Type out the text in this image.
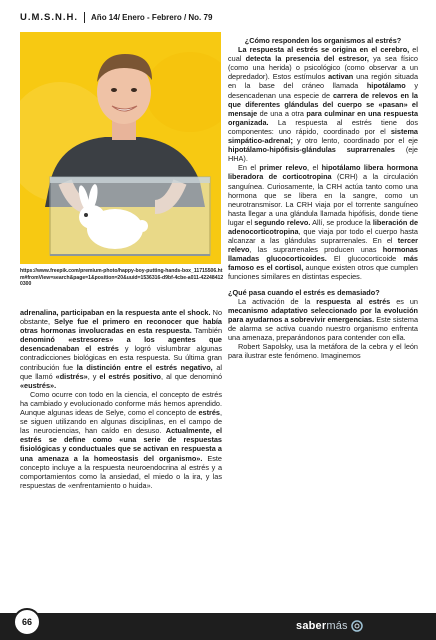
U.M.S.N.H. Año 14/ Enero - Febrero / No. 79
https://www.freepik.com/premium-photo/happy-boy-putting-hands-box_11715506.htm#fromView=search&page=1&position=20&uuid=1536316-d9bf-4cbe-a011-422484120300

adrenalina, participaban en la respuesta ante el shock. No obstante, Selye fue el primero en reconocer que había otras hormonas involucradas en esta respuesta. También denominó «estresores» a los agentes que desencadenaban el estrés y logró vislumbrar algunas contradicciones biológicas en esta respuesta. Su última gran contribución fue la distinción entre el estrés negativo, al que llamó «distrés», y el estrés positivo, al que denominó «eustrés».

Como ocurre con todo en la ciencia, el concepto de estrés ha cambiado y evolucionado conforme más hemos aprendido. Aunque algunas ideas de Selye, como el concepto de estrés, se siguen utilizando en algunas disciplinas, en el campo de las neurociencias, han caído en desuso. Actualmente, el estrés se define como «una serie de respuestas fisiológicas y conductuales que se activan en respuesta a una amenaza a la homeostasis del organismo». Este concepto incluye a la respuesta neuroendocrina al estrés y a comportamientos como la ansiedad, el miedo o la ira, y las respuestas de «enfrentamiento o huida».

¿Cómo responden los organismos al estrés?

La respuesta al estrés se origina en el cerebro, el cual detecta la presencia del estresor, ya sea físico (como una herida) o psicológico (como observar a un depredador). Estos estímulos activan una región situada en la base del cráneo llamada hipotálamo y desencadenan una especie de carrera de relevos en la que diferentes glándulas del cuerpo se «pasan» el mensaje de una a otra para culminar en una respuesta organizada. La respuesta al estrés tiene dos componentes: uno rápido, coordinado por el sistema simpático-adrenal; y otro lento, coordinado por el eje hipotálamo-hipófisis-glándulas suprarrenales (eje HHA).

En el primer relevo, el hipotálamo libera hormona liberadora de corticotropina (CRH) a la circulación sanguínea. Curiosamente, la CRH actúa tanto como una hormona que se libera en la sangre, como un neurotransmisor. La CRH viaja por el torrente sanguíneo hasta llegar a una glándula llamada hipófisis, donde tiene lugar el segundo relevo. Allí, se produce la liberación de adenocorticotropina, que viaja por todo el cuerpo hasta alcanzar a las glándulas suprarrenales. En el tercer relevo, las suprarrenales producen unas hormonas llamadas glucocorticoides. El glucocorticoide más famoso es el cortisol, aunque existen otros que cumplen funciones similares en distintas especies.

¿Qué pasa cuando el estrés es demasiado?

La activación de la respuesta al estrés es un mecanismo adaptativo seleccionado por la evolución para ayudarnos a sobrevivir emergencias. Este sistema de alarma se activa cuando nuestro organismo enfrenta una amenaza, preparándonos para contender con ella.

Robert Sapolsky, usa la metáfora de la cebra y el león para ilustrar este fenómeno. Imaginemos

66	saber más
